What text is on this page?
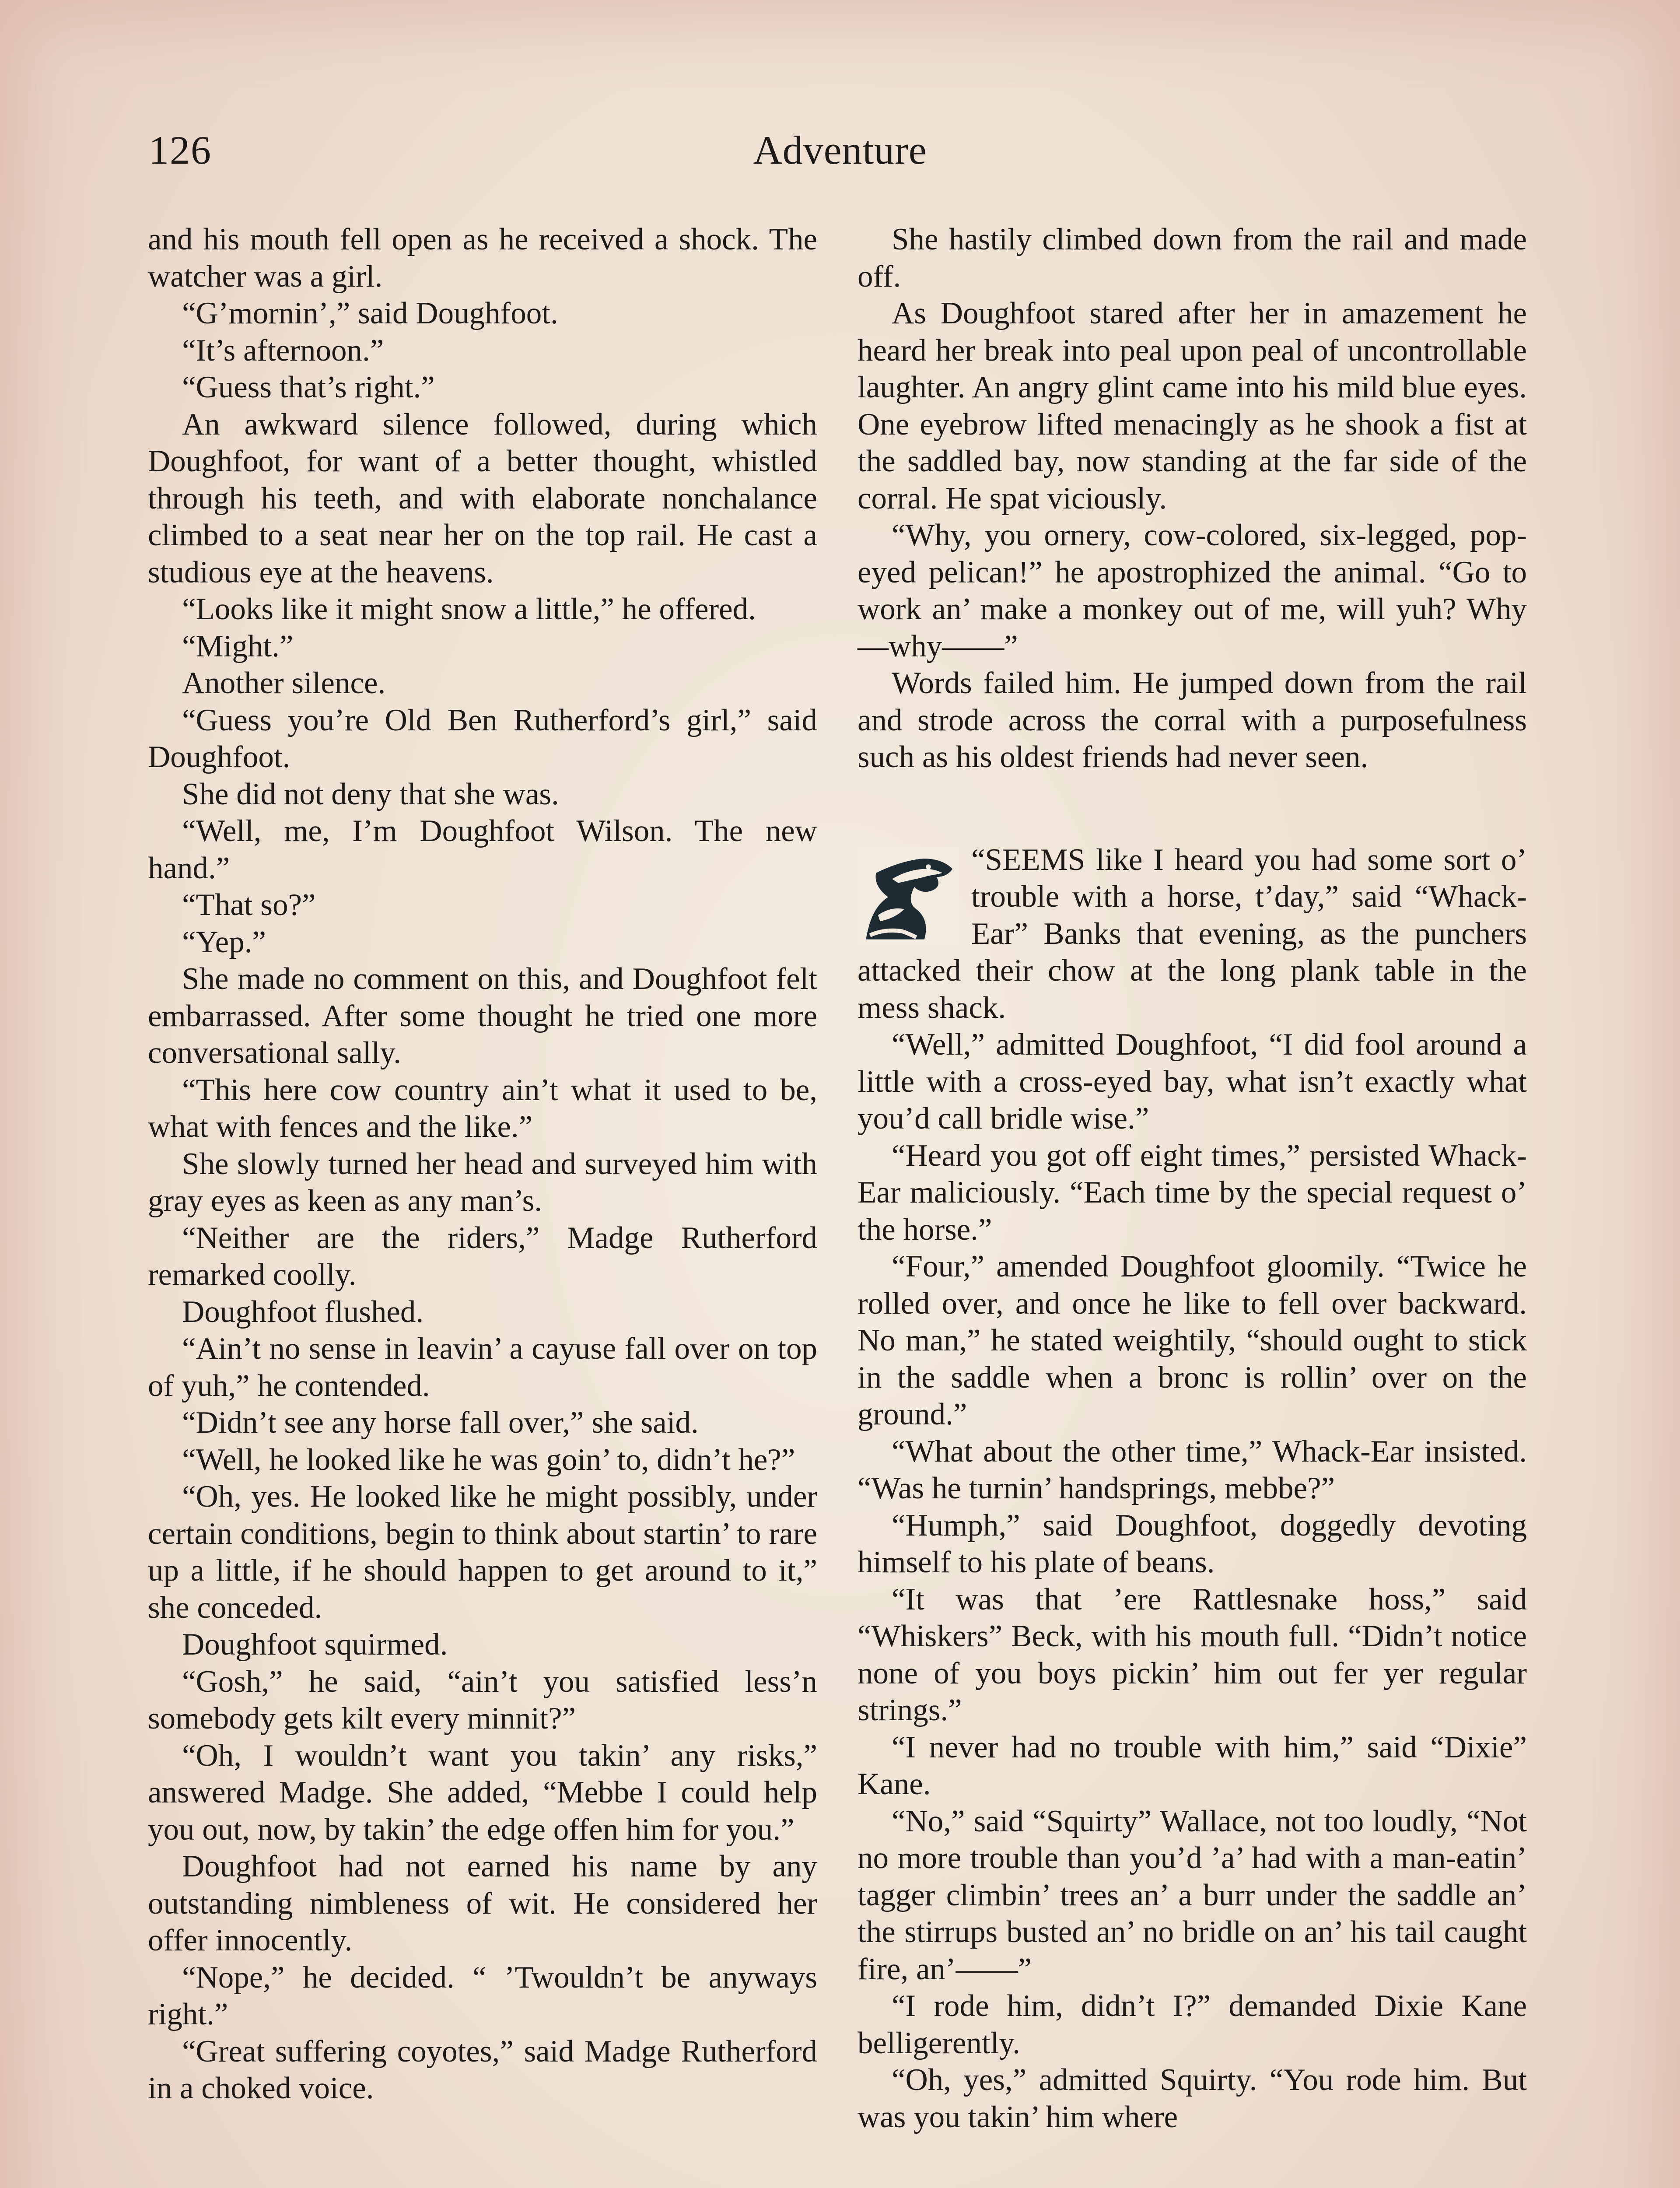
126	Adventure

and his mouth fell open as he received a shock. The watcher was a girl.

“G’mornin’,” said Doughfoot.

“It’s afternoon.”

“Guess that’s right.”

An awkward silence followed, during which Doughfoot, for want of a better thought, whistled through his teeth, and with elaborate nonchalance climbed to a seat near her on the top rail. He cast a studious eye at the heavens.

“Looks like it might snow a little,” he offered.

“Might.”

Another silence.

“Guess you’re Old Ben Rutherford’s girl,” said Doughfoot.

She did not deny that she was.

“Well, me, I’m Doughfoot Wilson. The new hand.”

“That so?”

“Yep.”

She made no comment on this, and Doughfoot felt embarrassed. After some thought he tried one more conversational sally.

“This here cow country ain’t what it used to be, what with fences and the like.”

She slowly turned her head and surveyed him with gray eyes as keen as any man’s.

“Neither are the riders,” Madge Rutherford remarked coolly.

Doughfoot flushed.

“Ain’t no sense in leavin’ a cayuse fall over on top of yuh,” he contended.

“Didn’t see any horse fall over,” she said.

“Well, he looked like he was goin’ to, didn’t he?”

“Oh, yes. He looked like he might possibly, under certain conditions, begin to think about startin’ to rare up a little, if he should happen to get around to it,” she conceded.

Doughfoot squirmed.

“Gosh,” he said, “ain’t you satisfied less’n somebody gets kilt every minnit?”

“Oh, I wouldn’t want you takin’ any risks,” answered Madge. She added, “Mebbe I could help you out, now, by takin’ the edge offen him for you.”

Doughfoot had not earned his name by any outstanding nimbleness of wit. He considered her offer innocently.

“Nope,” he decided. “ ’Twouldn’t be anyways right.”

“Great suffering coyotes,” said Madge Rutherford in a choked voice.

She hastily climbed down from the rail and made off.

As Doughfoot stared after her in amazement he heard her break into peal upon peal of uncontrollable laughter. An angry glint came into his mild blue eyes. One eyebrow lifted menacingly as he shook a fist at the saddled bay, now standing at the far side of the corral. He spat viciously.

“Why, you ornery, cow-colored, six-legged, pop-eyed pelican!” he apostrophized the animal. “Go to work an’ make a monkey out of me, will yuh? Why—why——”

Words failed him. He jumped down from the rail and strode across the corral with a purposefulness such as his oldest friends had never seen.

“SEEMS like I heard you had some sort o’ trouble with a horse, t’day,” said “Whack-Ear” Banks that evening, as the punchers attacked their chow at the long plank table in the mess shack.

“Well,” admitted Doughfoot, “I did fool around a little with a cross-eyed bay, what isn’t exactly what you’d call bridle wise.”

“Heard you got off eight times,” persisted Whack-Ear maliciously. “Each time by the special request o’ the horse.”

“Four,” amended Doughfoot gloomily. “Twice he rolled over, and once he like to fell over backward. No man,” he stated weightily, “should ought to stick in the saddle when a bronc is rollin’ over on the ground.”

“What about the other time,” Whack-Ear insisted. “Was he turnin’ handsprings, mebbe?”

“Humph,” said Doughfoot, doggedly devoting himself to his plate of beans.

“It was that ’ere Rattlesnake hoss,” said “Whiskers” Beck, with his mouth full. “Didn’t notice none of you boys pickin’ him out fer yer regular strings.”

“I never had no trouble with him,” said “Dixie” Kane.

“No,” said “Squirty” Wallace, not too loudly, “Not no more trouble than you’d ’a’ had with a man-eatin’ tagger climbin’ trees an’ a burr under the saddle an’ the stirrups busted an’ no bridle on an’ his tail caught fire, an’——”

“I rode him, didn’t I?” demanded Dixie Kane belligerently.

“Oh, yes,” admitted Squirty. “You rode him. But was you takin’ him where
